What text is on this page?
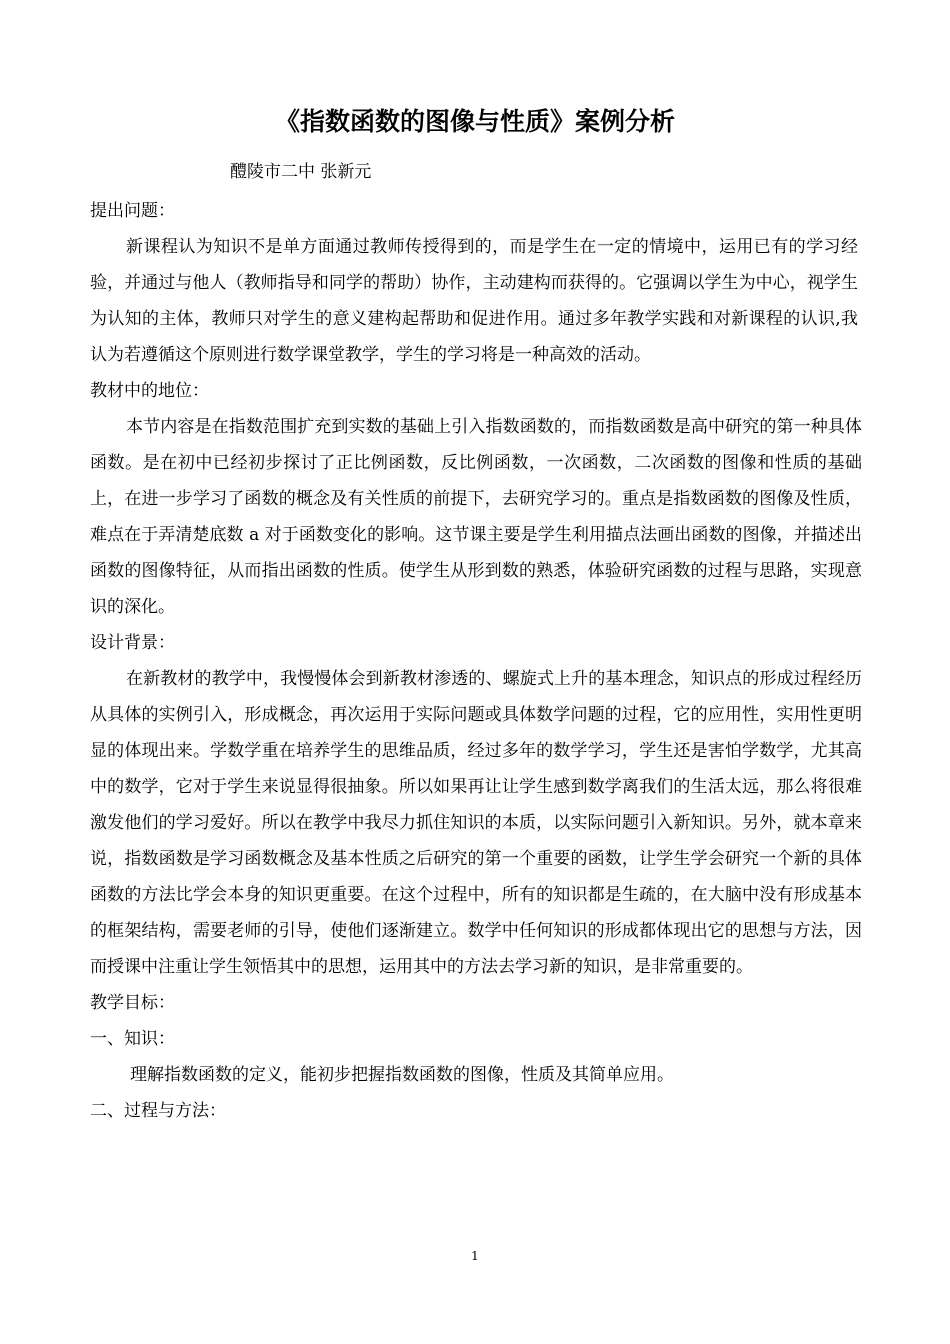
《指数函数的图像与性质》案例分析

醴陵市二中 张新元

提出问题：

新课程认为知识不是单方面通过教师传授得到的，而是学生在一定的情境中，运用已有的学习经验，并通过与他人（教师指导和同学的帮助）协作，主动建构而获得的。它强调以学生为中心，视学生为认知的主体，教师只对学生的意义建构起帮助和促进作用。通过多年教学实践和对新课程的认识,我认为若遵循这个原则进行数学课堂教学，学生的学习将是一种高效的活动。

教材中的地位：

本节内容是在指数范围扩充到实数的基础上引入指数函数的，而指数函数是高中研究的第一种具体函数。是在初中已经初步探讨了正比例函数，反比例函数，一次函数，二次函数的图像和性质的基础上，在进一步学习了函数的概念及有关性质的前提下，去研究学习的。重点是指数函数的图像及性质，难点在于弄清楚底数 a 对于函数变化的影响。这节课主要是学生利用描点法画出函数的图像，并描述出函数的图像特征，从而指出函数的性质。使学生从形到数的熟悉，体验研究函数的过程与思路，实现意识的深化。

设计背景：

在新教材的教学中，我慢慢体会到新教材渗透的、螺旋式上升的基本理念，知识点的形成过程经历从具体的实例引入，形成概念，再次运用于实际问题或具体数学问题的过程，它的应用性，实用性更明显的体现出来。学数学重在培养学生的思维品质，经过多年的数学学习，学生还是害怕学数学，尤其高中的数学，它对于学生来说显得很抽象。所以如果再让让学生感到数学离我们的生活太远，那么将很难激发他们的学习爱好。所以在教学中我尽力抓住知识的本质，以实际问题引入新知识。另外，就本章来说，指数函数是学习函数概念及基本性质之后研究的第一个重要的函数，让学生学会研究一个新的具体函数的方法比学会本身的知识更重要。在这个过程中，所有的知识都是生疏的，在大脑中没有形成基本的框架结构，需要老师的引导，使他们逐渐建立。数学中任何知识的形成都体现出它的思想与方法，因而授课中注重让学生领悟其中的思想，运用其中的方法去学习新的知识，是非常重要的。

教学目标：

一、知识：

理解指数函数的定义，能初步把握指数函数的图像，性质及其简单应用。

二、过程与方法：

1
